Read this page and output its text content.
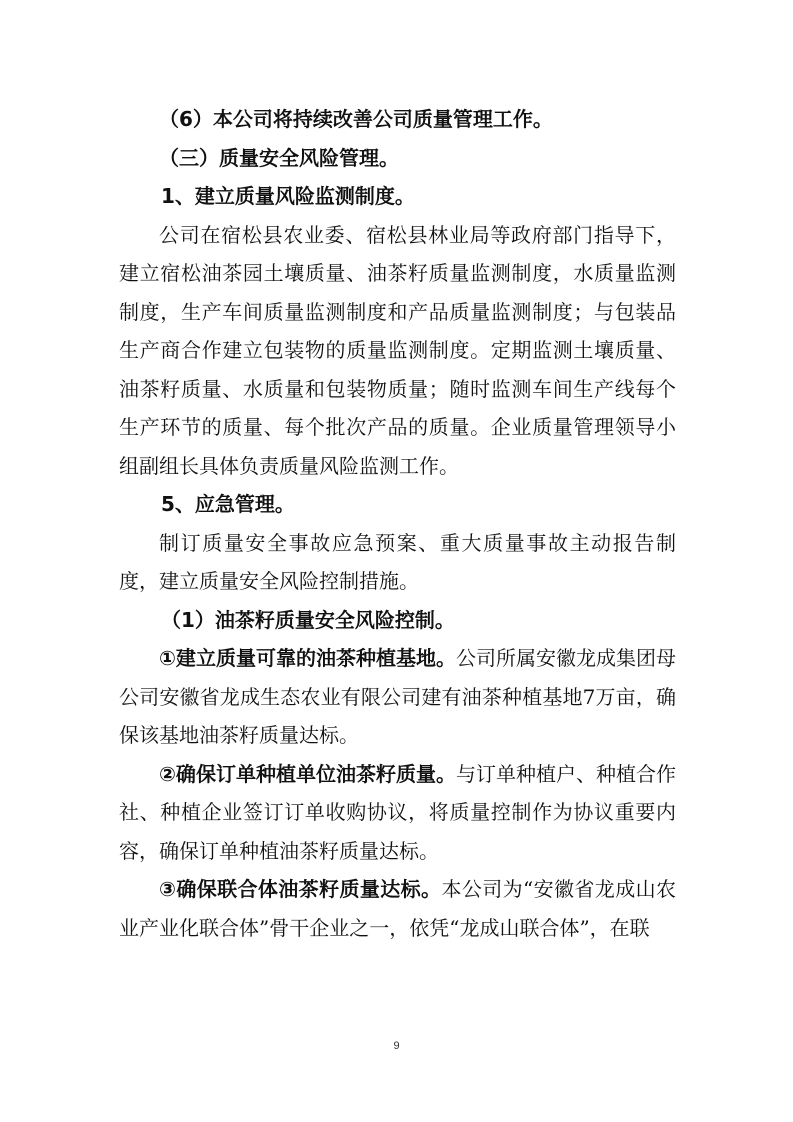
（6）本公司将持续改善公司质量管理工作。

（三）质量安全风险管理。

1、建立质量风险监测制度。

公司在宿松县农业委、宿松县林业局等政府部门指导下，建立宿松油茶园土壤质量、油茶籽质量监测制度，水质量监测制度，生产车间质量监测制度和产品质量监测制度；与包装品生产商合作建立包装物的质量监测制度。定期监测土壤质量、油茶籽质量、水质量和包装物质量；随时监测车间生产线每个生产环节的质量、每个批次产品的质量。企业质量管理领导小组副组长具体负责质量风险监测工作。

5、应急管理。

制订质量安全事故应急预案、重大质量事故主动报告制度，建立质量安全风险控制措施。

（1）油茶籽质量安全风险控制。

①建立质量可靠的油茶种植基地。公司所属安徽龙成集团母公司安徽省龙成生态农业有限公司建有油茶种植基地7万亩，确保该基地油茶籽质量达标。

②确保订单种植单位油茶籽质量。与订单种植户、种植合作社、种植企业签订订单收购协议，将质量控制作为协议重要内容，确保订单种植油茶籽质量达标。

③确保联合体油茶籽质量达标。本公司为“安徽省龙成山农业产业化联合体”骨干企业之一，依凭“龙成山联合体”，在联

9
